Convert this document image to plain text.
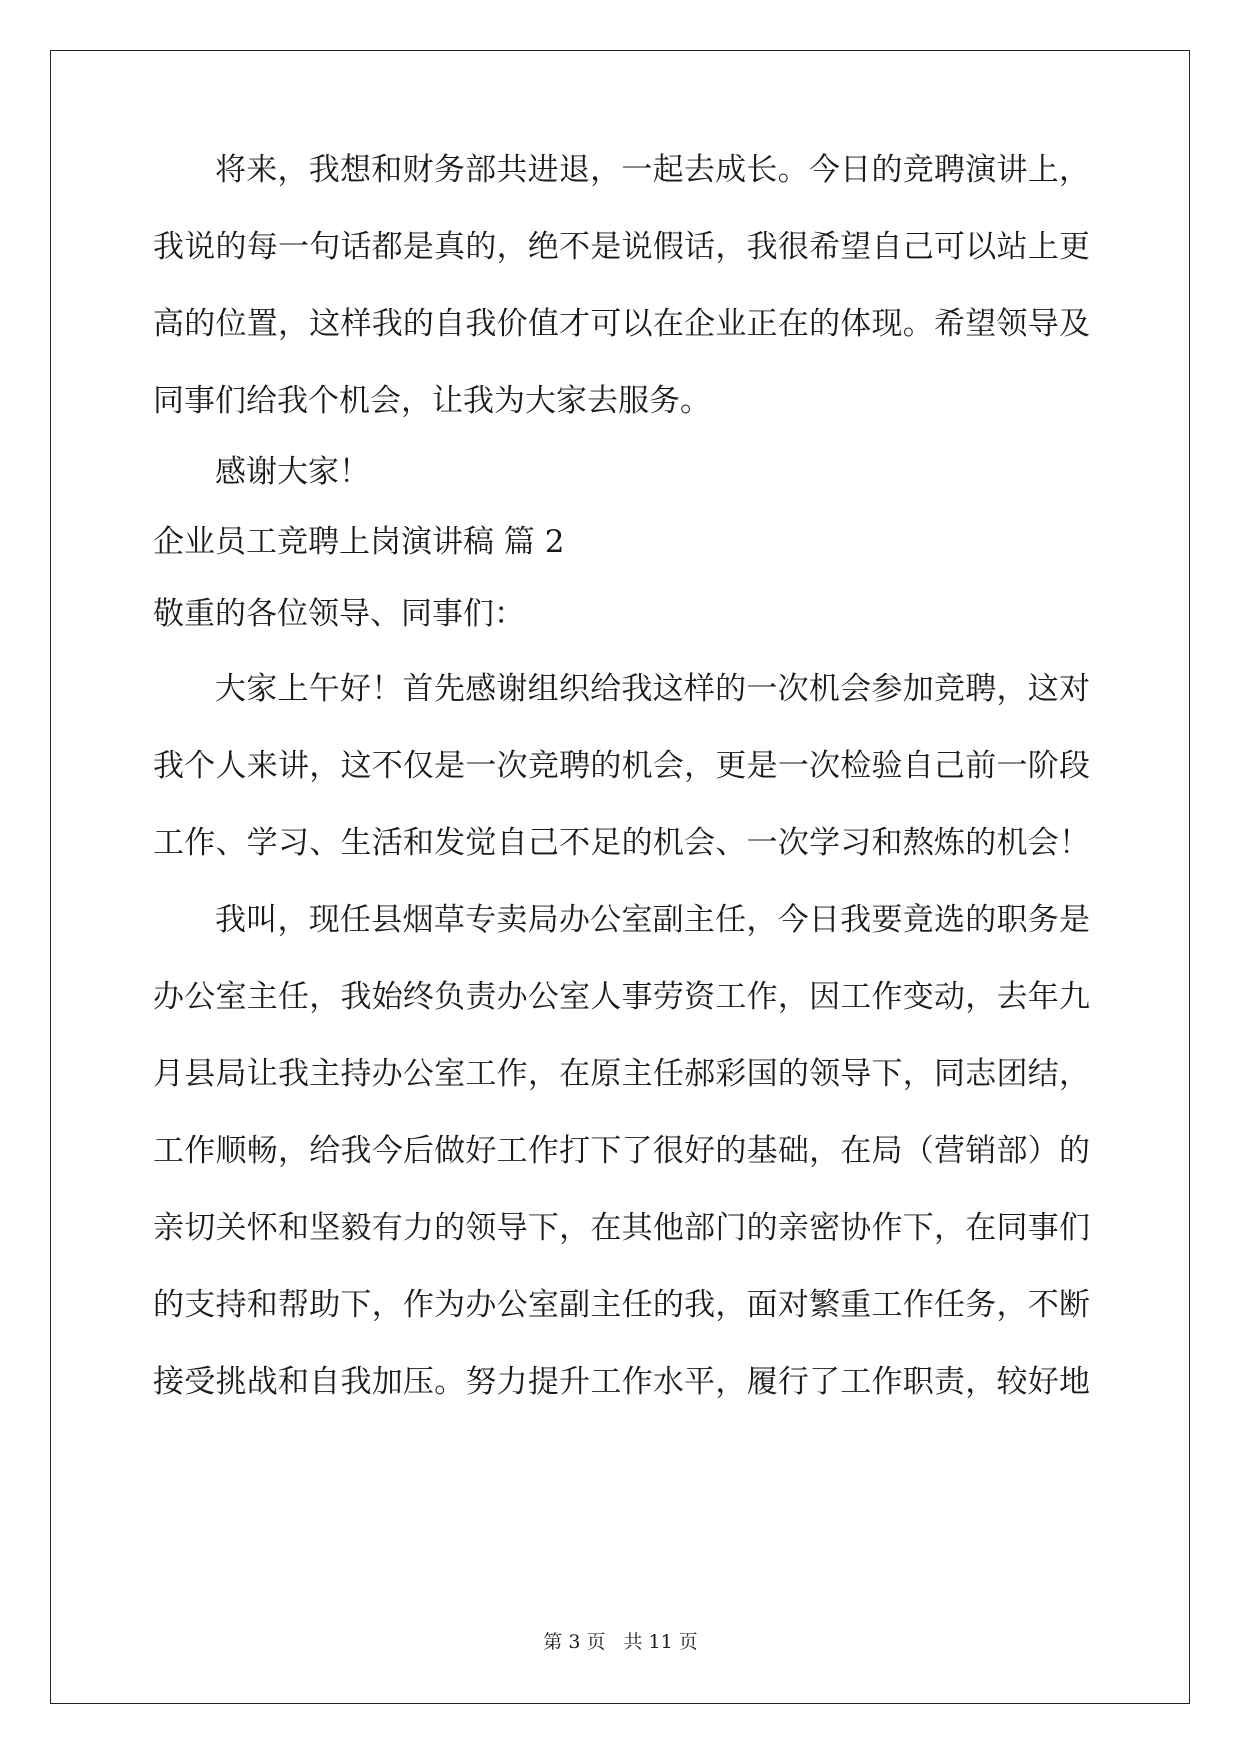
将来，我想和财务部共进退，一起去成长。今日的竞聘演讲上，
我说的每一句话都是真的，绝不是说假话，我很希望自己可以站上更
高的位置，这样我的自我价值才可以在企业正在的体现。希望领导及
同事们给我个机会，让我为大家去服务。
感谢大家！
企业员工竞聘上岗演讲稿 篇 2
敬重的各位领导、同事们：
大家上午好！首先感谢组织给我这样的一次机会参加竞聘，这对
我个人来讲，这不仅是一次竞聘的机会，更是一次检验自己前一阶段
工作、学习、生活和发觉自己不足的机会、一次学习和熬炼的机会！
我叫，现任县烟草专卖局办公室副主任，今日我要竟选的职务是
办公室主任，我始终负责办公室人事劳资工作，因工作变动，去年九
月县局让我主持办公室工作，在原主任郝彩国的领导下，同志团结，
工作顺畅，给我今后做好工作打下了很好的基础，在局（营销部）的
亲切关怀和坚毅有力的领导下，在其他部门的亲密协作下，在同事们
的支持和帮助下，作为办公室副主任的我，面对繁重工作任务，不断
接受挑战和自我加压。努力提升工作水平，履行了工作职责，较好地
第 3 页 共 11 页
